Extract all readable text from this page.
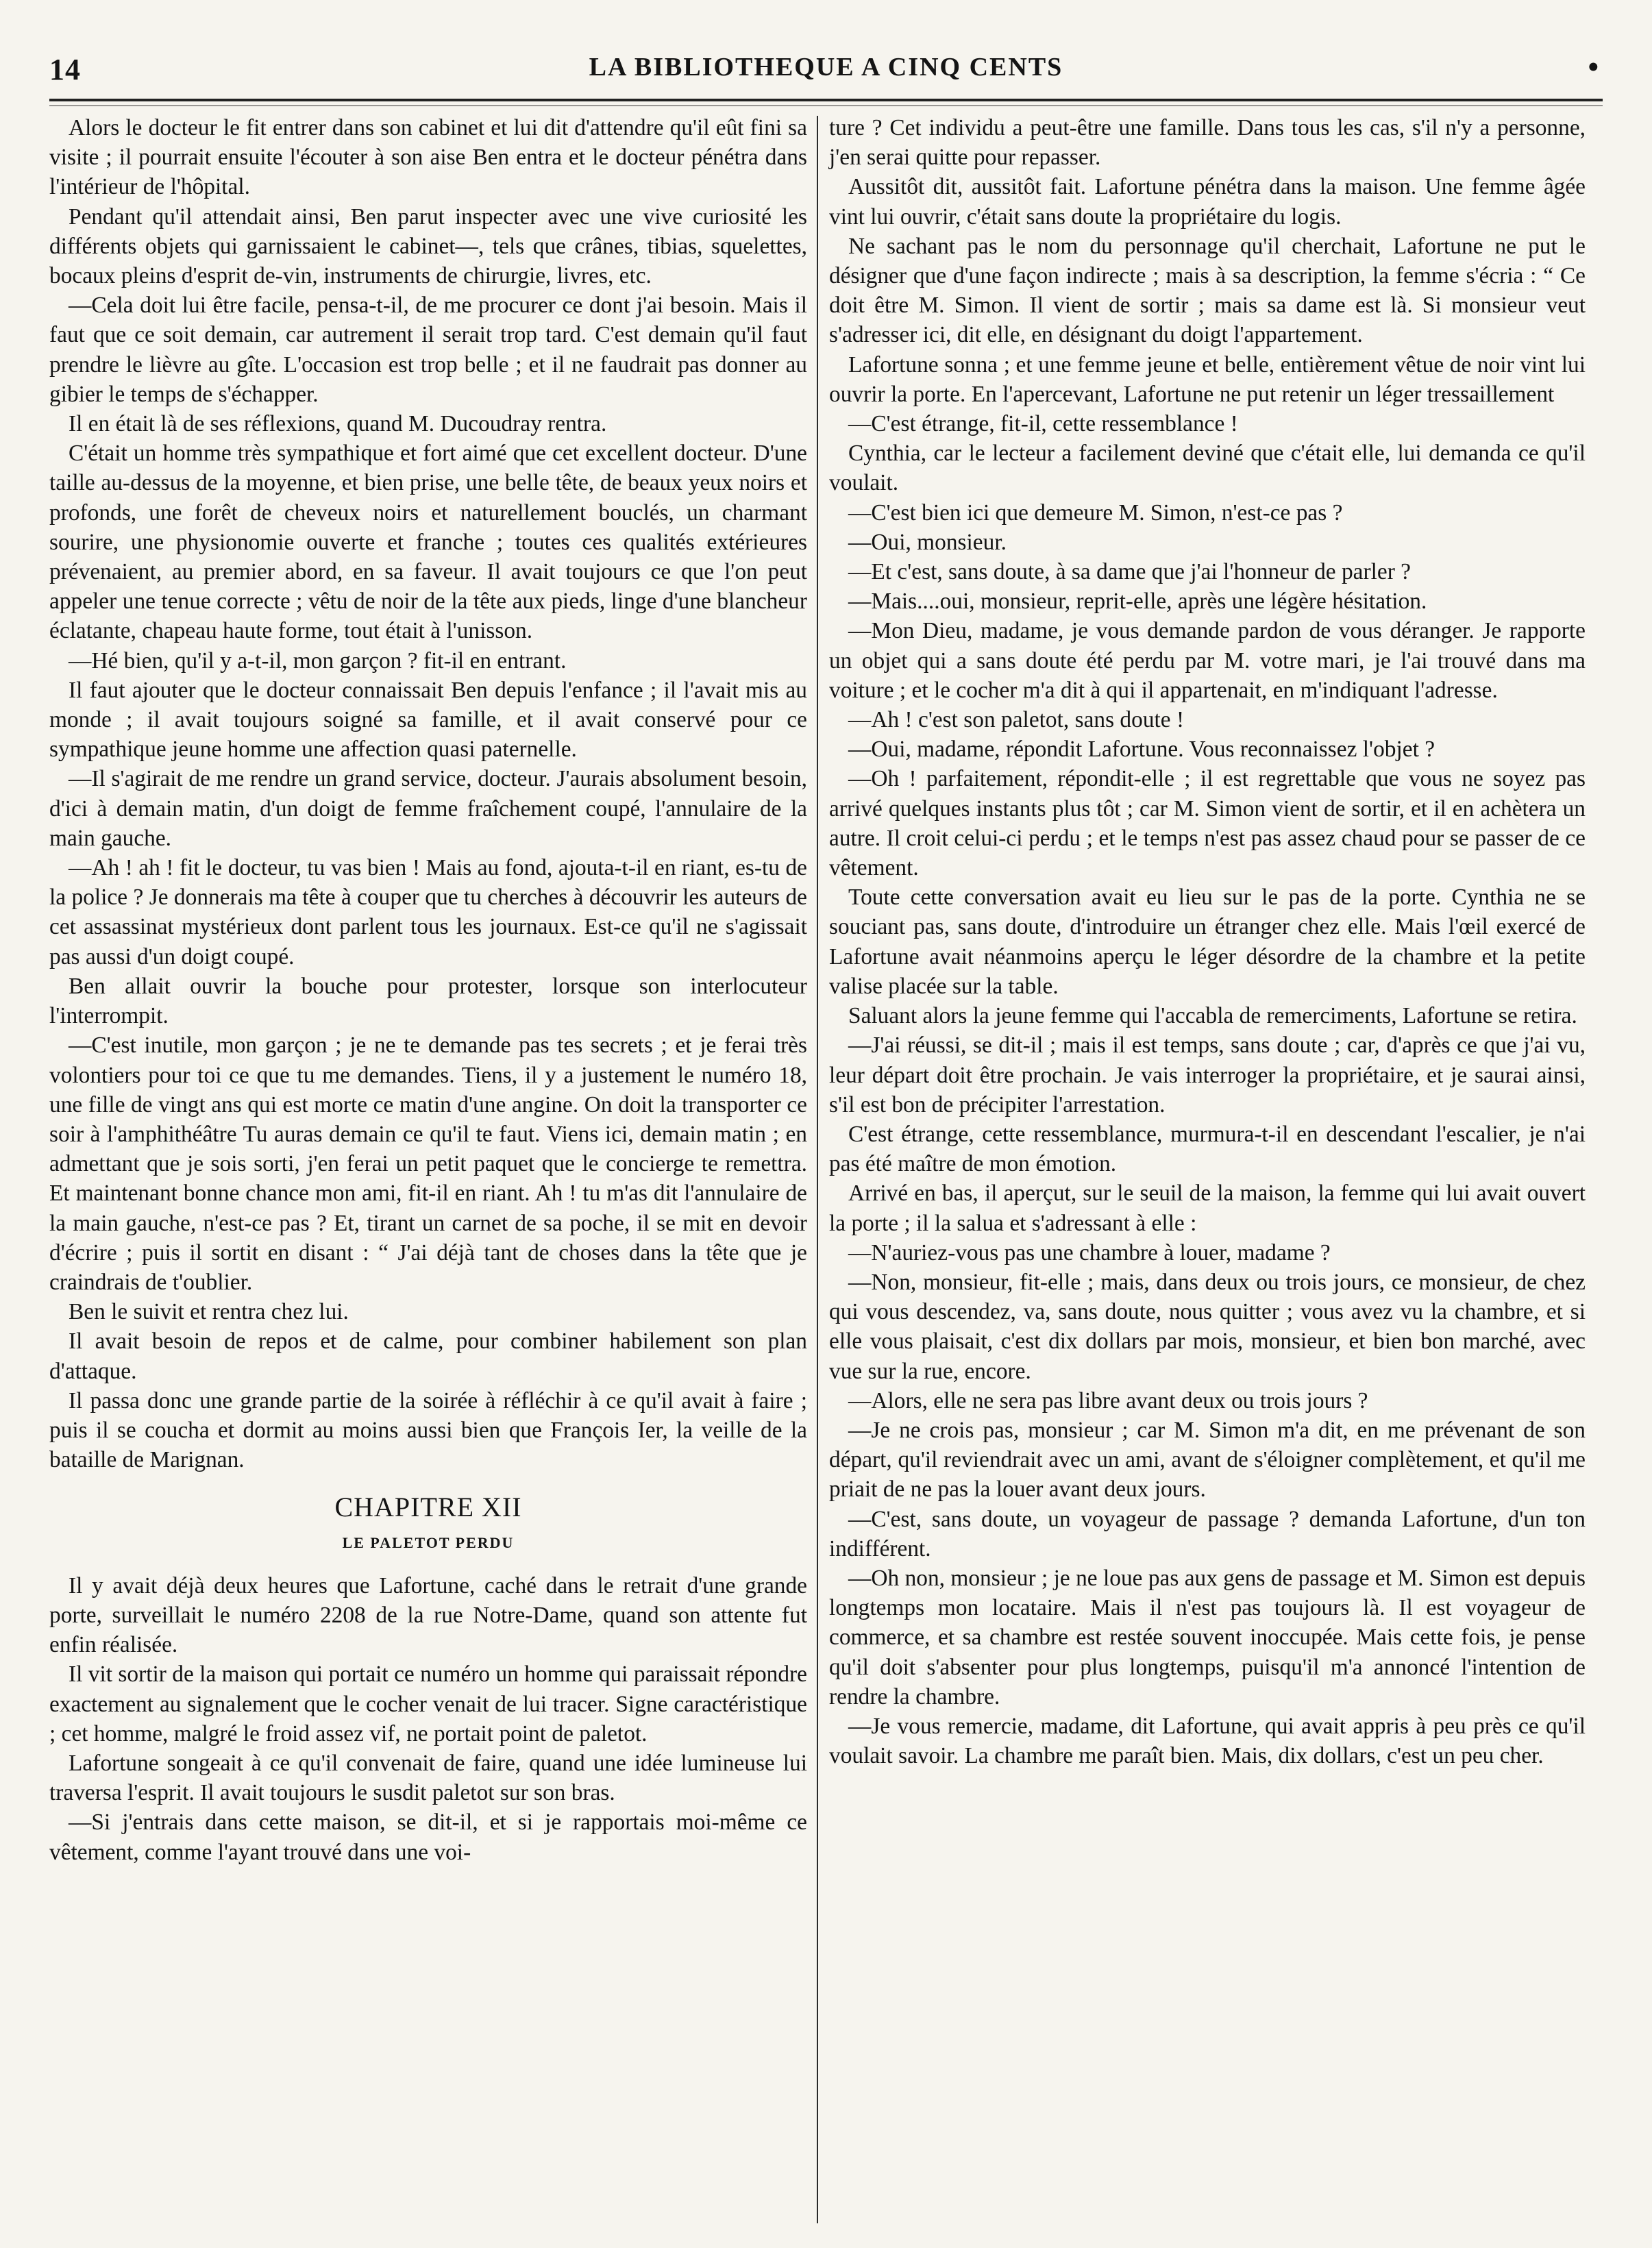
14	LA BIBLIOTHEQUE A CINQ CENTS	•

Alors le docteur le fit entrer dans son cabinet et lui dit d'attendre qu'il eût fini sa visite ; il pourrait ensuite l'écouter à son aise Ben entra et le docteur pénétra dans l'intérieur de l'hôpital.

Pendant qu'il attendait ainsi, Ben parut inspecter avec une vive curiosité les différents objets qui garnissaient le cabinet—, tels que crânes, tibias, squelettes, bocaux pleins d'esprit de-vin, instruments de chirurgie, livres, etc.

—Cela doit lui être facile, pensa-t-il, de me procurer ce dont j'ai besoin. Mais il faut que ce soit demain, car autrement il serait trop tard. C'est demain qu'il faut prendre le lièvre au gîte. L'occasion est trop belle ; et il ne faudrait pas donner au gibier le temps de s'échapper.

Il en était là de ses réflexions, quand M. Ducoudray rentra.

C'était un homme très sympathique et fort aimé que cet excellent docteur. D'une taille au-dessus de la moyenne, et bien prise, une belle tête, de beaux yeux noirs et profonds, une forêt de cheveux noirs et naturellement bouclés, un charmant sourire, une physionomie ouverte et franche ; toutes ces qualités extérieures prévenaient, au premier abord, en sa faveur. Il avait toujours ce que l'on peut appeler une tenue correcte ; vêtu de noir de la tête aux pieds, linge d'une blancheur éclatante, chapeau haute forme, tout était à l'unisson.

—Hé bien, qu'il y a-t-il, mon garçon ? fit-il en entrant.

Il faut ajouter que le docteur connaissait Ben depuis l'enfance ; il l'avait mis au monde ; il avait toujours soigné sa famille, et il avait conservé pour ce sympathique jeune homme une affection quasi paternelle.

—Il s'agirait de me rendre un grand service, docteur. J'aurais absolument besoin, d'ici à demain matin, d'un doigt de femme fraîchement coupé, l'annulaire de la main gauche.

—Ah ! ah ! fit le docteur, tu vas bien ! Mais au fond, ajouta-t-il en riant, es-tu de la police ? Je donnerais ma tête à couper que tu cherches à découvrir les auteurs de cet assassinat mystérieux dont parlent tous les journaux. Est-ce qu'il ne s'agissait pas aussi d'un doigt coupé.

Ben allait ouvrir la bouche pour protester, lorsque son interlocuteur l'interrompit.

—C'est inutile, mon garçon ; je ne te demande pas tes secrets ; et je ferai très volontiers pour toi ce que tu me demandes. Tiens, il y a justement le numéro 18, une fille de vingt ans qui est morte ce matin d'une angine. On doit la transporter ce soir à l'amphithéâtre Tu auras demain ce qu'il te faut. Viens ici, demain matin ; en admettant que je sois sorti, j'en ferai un petit paquet que le concierge te remettra. Et maintenant bonne chance mon ami, fit-il en riant. Ah ! tu m'as dit l'annulaire de la main gauche, n'est-ce pas ? Et, tirant un carnet de sa poche, il se mit en devoir d'écrire ; puis il sortit en disant : “ J'ai déjà tant de choses dans la tête que je craindrais de t'oublier.

Ben le suivit et rentra chez lui.

Il avait besoin de repos et de calme, pour combiner habilement son plan d'attaque.

Il passa donc une grande partie de la soirée à réfléchir à ce qu'il avait à faire ; puis il se coucha et dormit au moins aussi bien que François Ier, la veille de la bataille de Marignan.

CHAPITRE XII
LE PALETOT PERDU

Il y avait déjà deux heures que Lafortune, caché dans le retrait d'une grande porte, surveillait le numéro 2208 de la rue Notre-Dame, quand son attente fut enfin réalisée.

Il vit sortir de la maison qui portait ce numéro un homme qui paraissait répondre exactement au signalement que le cocher venait de lui tracer. Signe caractéristique ; cet homme, malgré le froid assez vif, ne portait point de paletot.

Lafortune songeait à ce qu'il convenait de faire, quand une idée lumineuse lui traversa l'esprit. Il avait toujours le susdit paletot sur son bras.

—Si j'entrais dans cette maison, se dit-il, et si je rapportais moi-même ce vêtement, comme l'ayant trouvé dans une voi-

ture ? Cet individu a peut-être une famille. Dans tous les cas, s'il n'y a personne, j'en serai quitte pour repasser.

Aussitôt dit, aussitôt fait. Lafortune pénétra dans la maison. Une femme âgée vint lui ouvrir, c'était sans doute la propriétaire du logis.

Ne sachant pas le nom du personnage qu'il cherchait, Lafortune ne put le désigner que d'une façon indirecte ; mais à sa description, la femme s'écria : “ Ce doit être M. Simon. Il vient de sortir ; mais sa dame est là. Si monsieur veut s'adresser ici, dit elle, en désignant du doigt l'appartement.

Lafortune sonna ; et une femme jeune et belle, entièrement vêtue de noir vint lui ouvrir la porte. En l'apercevant, Lafortune ne put retenir un léger tressaillement

—C'est étrange, fit-il, cette ressemblance !

Cynthia, car le lecteur a facilement deviné que c'était elle, lui demanda ce qu'il voulait.

—C'est bien ici que demeure M. Simon, n'est-ce pas ?

—Oui, monsieur.

—Et c'est, sans doute, à sa dame que j'ai l'honneur de parler ?

—Mais....oui, monsieur, reprit-elle, après une légère hésitation.

—Mon Dieu, madame, je vous demande pardon de vous déranger. Je rapporte un objet qui a sans doute été perdu par M. votre mari, je l'ai trouvé dans ma voiture ; et le cocher m'a dit à qui il appartenait, en m'indiquant l'adresse.

—Ah ! c'est son paletot, sans doute !

—Oui, madame, répondit Lafortune. Vous reconnaissez l'objet ?

—Oh ! parfaitement, répondit-elle ; il est regrettable que vous ne soyez pas arrivé quelques instants plus tôt ; car M. Simon vient de sortir, et il en achètera un autre. Il croit celui-ci perdu ; et le temps n'est pas assez chaud pour se passer de ce vêtement.

Toute cette conversation avait eu lieu sur le pas de la porte. Cynthia ne se souciant pas, sans doute, d'introduire un étranger chez elle. Mais l'œil exercé de Lafortune avait néanmoins aperçu le léger désordre de la chambre et la petite valise placée sur la table.

Saluant alors la jeune femme qui l'accabla de remerciments, Lafortune se retira.

—J'ai réussi, se dit-il ; mais il est temps, sans doute ; car, d'après ce que j'ai vu, leur départ doit être prochain. Je vais interroger la propriétaire, et je saurai ainsi, s'il est bon de précipiter l'arrestation.

C'est étrange, cette ressemblance, murmura-t-il en descendant l'escalier, je n'ai pas été maître de mon émotion.

Arrivé en bas, il aperçut, sur le seuil de la maison, la femme qui lui avait ouvert la porte ; il la salua et s'adressant à elle :

—N'auriez-vous pas une chambre à louer, madame ?

—Non, monsieur, fit-elle ; mais, dans deux ou trois jours, ce monsieur, de chez qui vous descendez, va, sans doute, nous quitter ; vous avez vu la chambre, et si elle vous plaisait, c'est dix dollars par mois, monsieur, et bien bon marché, avec vue sur la rue, encore.

—Alors, elle ne sera pas libre avant deux ou trois jours ?

—Je ne crois pas, monsieur ; car M. Simon m'a dit, en me prévenant de son départ, qu'il reviendrait avec un ami, avant de s'éloigner complètement, et qu'il me priait de ne pas la louer avant deux jours.

—C'est, sans doute, un voyageur de passage ? demanda Lafortune, d'un ton indifférent.

—Oh non, monsieur ; je ne loue pas aux gens de passage et M. Simon est depuis longtemps mon locataire. Mais il n'est pas toujours là. Il est voyageur de commerce, et sa chambre est restée souvent inoccupée. Mais cette fois, je pense qu'il doit s'absenter pour plus longtemps, puisqu'il m'a annoncé l'intention de rendre la chambre.

—Je vous remercie, madame, dit Lafortune, qui avait appris à peu près ce qu'il voulait savoir. La chambre me paraît bien. Mais, dix dollars, c'est un peu cher.
